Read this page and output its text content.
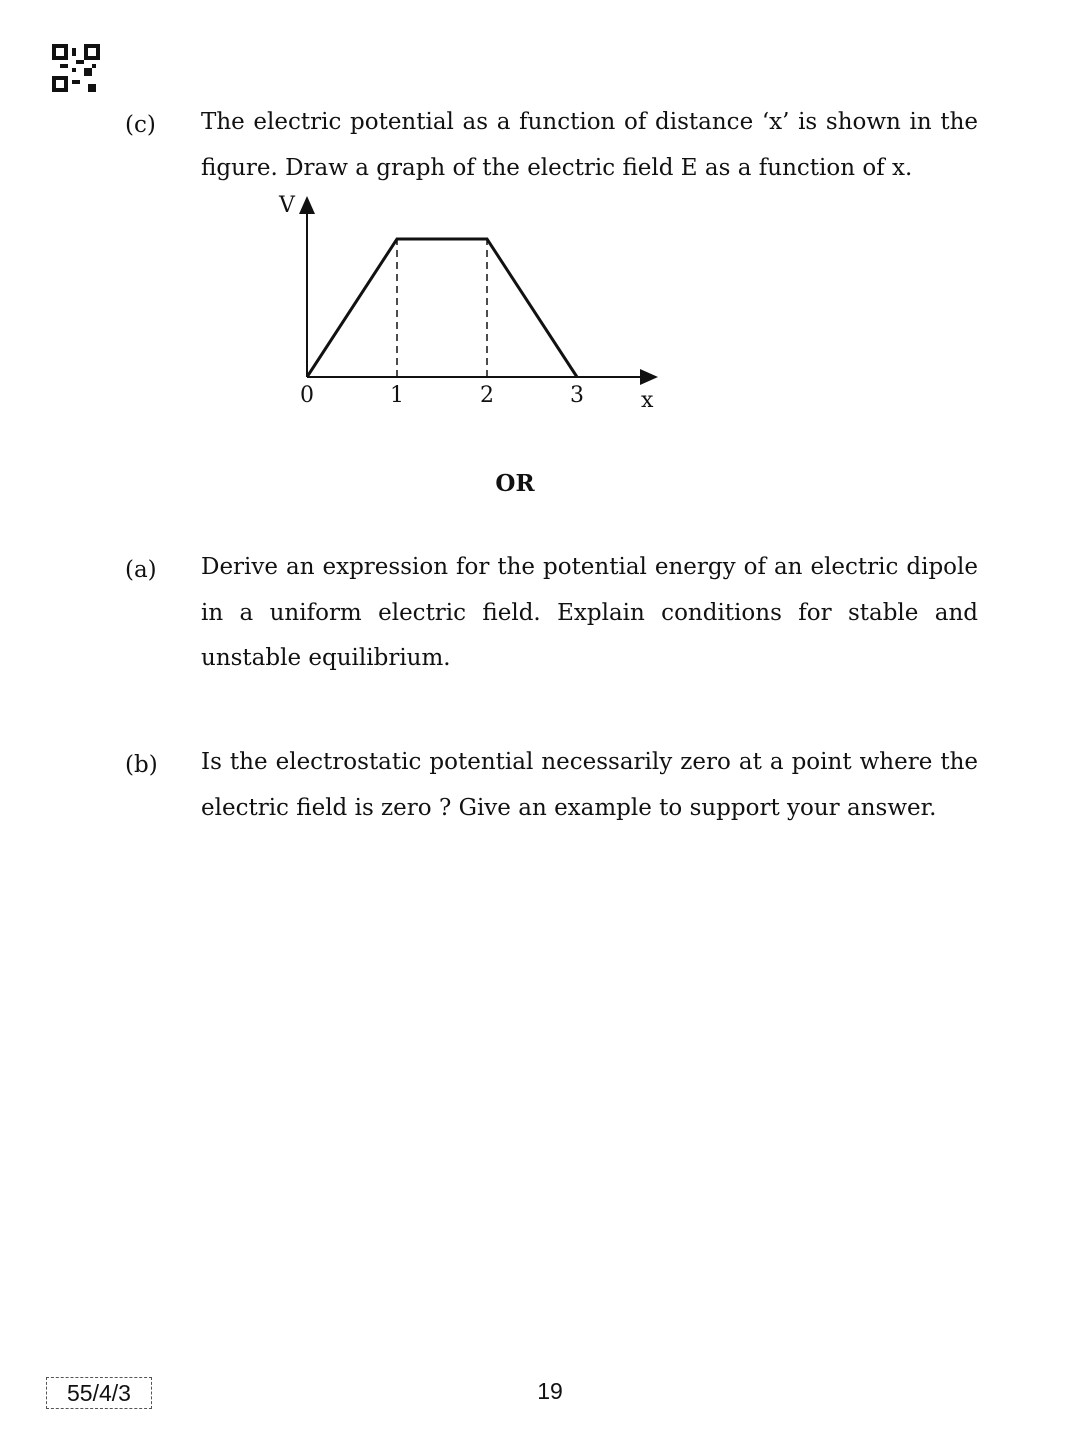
(c) The electric potential as a function of distance ‘x’ is shown in the figure. Draw a graph of the electric field E as a function of x.
V
x
0	1	2	3
OR
(a) Derive an expression for the potential energy of an electric dipole in a uniform electric field. Explain conditions for stable and unstable equilibrium.
(b) Is the electrostatic potential necessarily zero at a point where the electric field is zero ? Give an example to support your answer.
55/4/3	19
